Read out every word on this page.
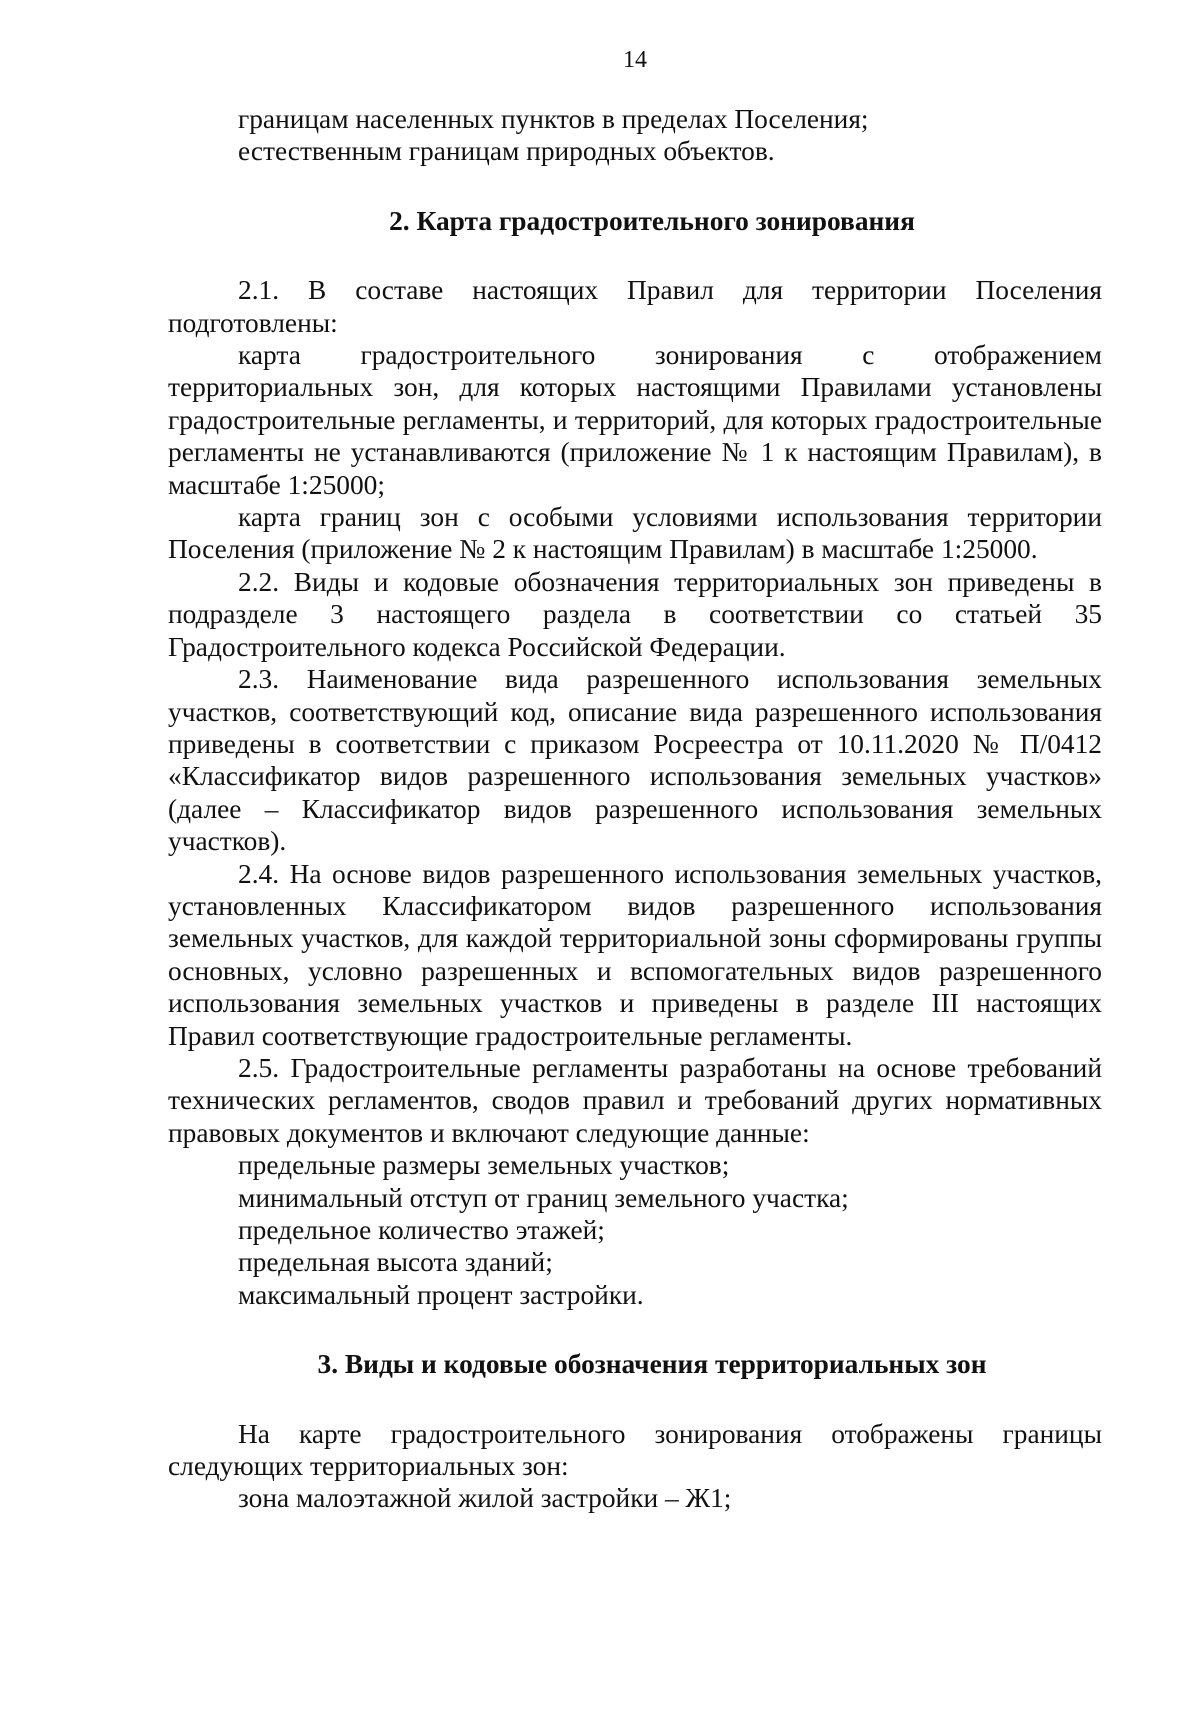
14

границам населенных пунктов в пределах Поселения;

естественным границам природных объектов.

2. Карта градостроительного зонирования

2.1. В составе настоящих Правил для территории Поселения подготовлены:

карта градостроительного зонирования с отображением территориальных зон, для которых настоящими Правилами установлены градостроительные регламенты, и территорий, для которых градостроительные регламенты не устанавливаются (приложение № 1 к настоящим Правилам), в масштабе 1:25000;

карта границ зон с особыми условиями использования территории Поселения (приложение № 2 к настоящим Правилам) в масштабе 1:25000.

2.2. Виды и кодовые обозначения территориальных зон приведены в подразделе 3 настоящего раздела в соответствии со статьей 35 Градостроительного кодекса Российской Федерации.

2.3. Наименование вида разрешенного использования земельных участков, соответствующий код, описание вида разрешенного использования приведены в соответствии с приказом Росреестра от 10.11.2020 № П/0412 «Классификатор видов разрешенного использования земельных участков» (далее – Классификатор видов разрешенного использования земельных участков).

2.4. На основе видов разрешенного использования земельных участков, установленных Классификатором видов разрешенного использования земельных участков, для каждой территориальной зоны сформированы группы основных, условно разрешенных и вспомогательных видов разрешенного использования земельных участков и приведены в разделе III настоящих Правил соответствующие градостроительные регламенты.

2.5. Градостроительные регламенты разработаны на основе требований технических регламентов, сводов правил и требований других нормативных правовых документов и включают следующие данные:

предельные размеры земельных участков;

минимальный отступ от границ земельного участка;

предельное количество этажей;

предельная высота зданий;

максимальный процент застройки.

3. Виды и кодовые обозначения территориальных зон

На карте градостроительного зонирования отображены границы следующих территориальных зон:

зона малоэтажной жилой застройки – Ж1;
